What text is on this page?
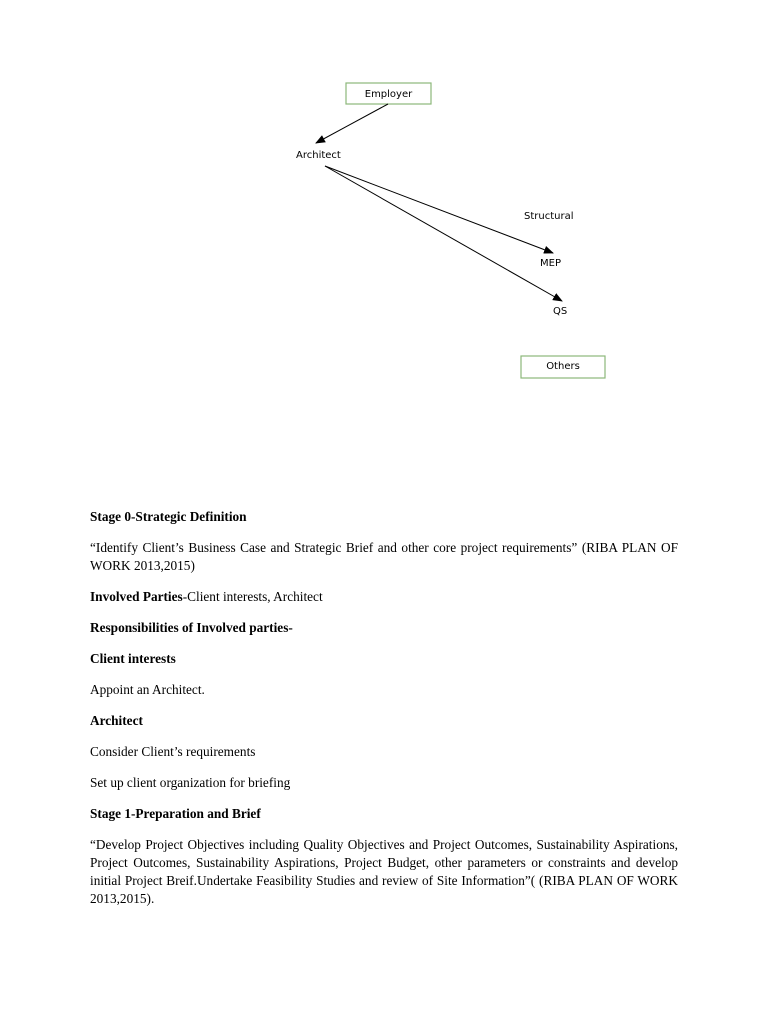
Employer
Architect
Structural
MEP
QS
Others

Stage 0-Strategic Definition

“Identify Client’s Business Case and Strategic Brief and other core project requirements” (RIBA PLAN OF WORK 2013,2015)

Involved Parties-Client interests, Architect

Responsibilities of Involved parties-

Client interests

Appoint an Architect.

Architect

Consider Client’s requirements

Set up client organization for briefing

Stage 1-Preparation and Brief

“Develop Project Objectives including Quality Objectives and Project Outcomes, Sustainability Aspirations, Project Outcomes, Sustainability Aspirations, Project Budget, other parameters or constraints and develop initial Project Breif.Undertake Feasibility Studies and review of Site Information”( (RIBA PLAN OF WORK 2013,2015).
